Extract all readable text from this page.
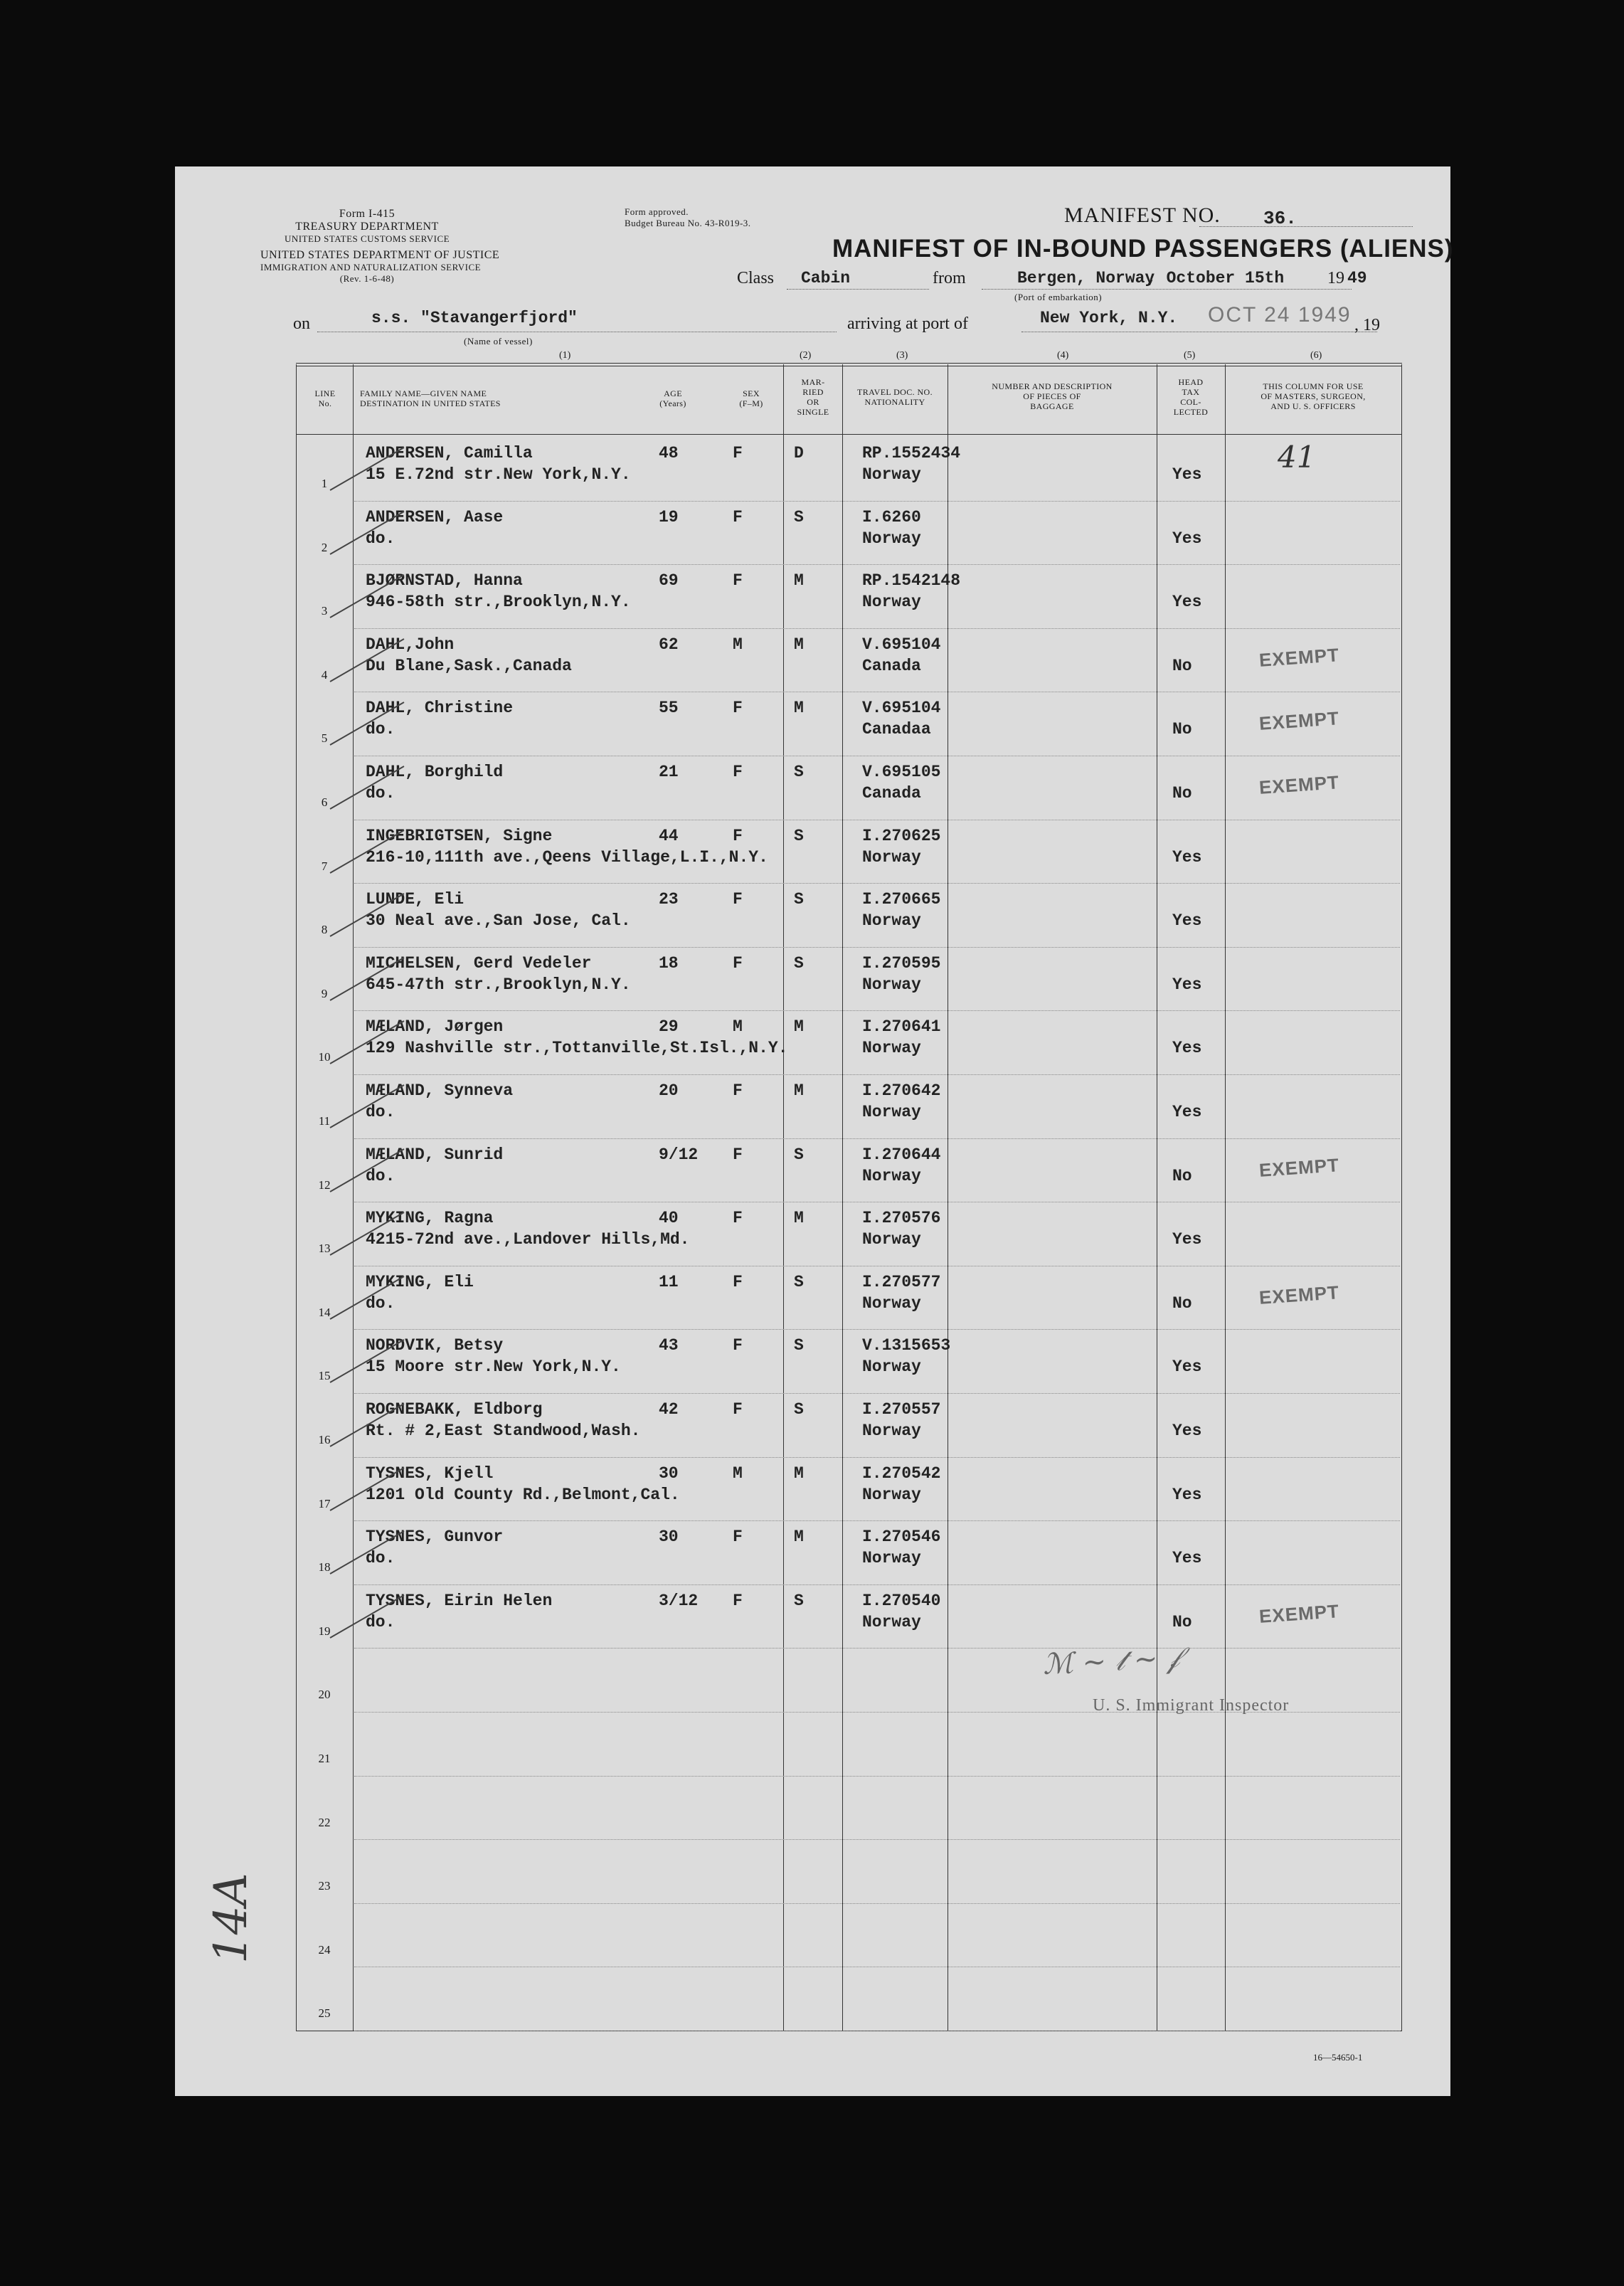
Form I-415
TREASURY DEPARTMENT
UNITED STATES CUSTOMS SERVICE
UNITED STATES DEPARTMENT OF JUSTICE
IMMIGRATION AND NATURALIZATION SERVICE
(Rev. 1-6-48)
Form approved.
Budget Bureau No. 43-R019-3.	MANIFEST NO. 36.
MANIFEST OF IN-BOUND PASSENGERS (ALIENS)
Class Cabin	from	Bergen, Norway
, October 15th	19 49
(Port of embarkation)
on	s.s. "Stavangerfjord"
(Name of vessel)
arriving at port of	New York, N.Y. OCT 24 1949 , 19
(1)	(2)	(3)	(4)	(5)	(6)
LINE
No.
FAMILY NAME—GIVEN NAME
DESTINATION IN UNITED STATES
AGE
(Years)
SEX
(F–M)
MAR-
RIED
OR
SINGLE
TRAVEL DOC. NO.
NATIONALITY
NUMBER AND DESCRIPTION
OF PIECES OF
BAGGAGE
HEAD
TAX
COL-
LECTED
THIS COLUMN FOR USE
OF MASTERS, SURGEON,
AND U. S. OFFICERS
1
ANDERSEN, Camilla
15 E.72nd str.New York,N.Y.
48	F	D	RP.1552434
Norway	Yes	41
2
ANDERSEN, Aase
do.
19	F	S	I.6260
Norway	Yes
3
BJØRNSTAD, Hanna
946-58th str.,Brooklyn,N.Y.
69	F	M	RP.1542148
Norway	Yes
4
DAHL,John
Du Blane,Sask.,Canada
62	M	M	V.695104
Canada	No	EXEMPT
5
DAHL, Christine
do.
55	F	M	V.695104
Canadaa	No	EXEMPT
6
DAHL, Borghild
do.
21	F	S	V.695105
Canada	No	EXEMPT
7
INGEBRIGTSEN, Signe
216-10,111th ave.,Qeens Village,L.I.,N.Y.
44	F	S	I.270625
Norway	Yes
8
LUNDE, Eli
30 Neal ave.,San Jose, Cal.
23	F	S	I.270665
Norway	Yes
9
MICHELSEN, Gerd Vedeler
645-47th str.,Brooklyn,N.Y.
18	F	S	I.270595
Norway	Yes
10
MÆLAND, Jørgen
129 Nashville str.,Tottanville,St.Isl.,N.Y.
29	M	M	I.270641
Norway	Yes
11
MÆLAND, Synneva
do.
20	F	M	I.270642
Norway	Yes
12
MÆLAND, Sunrid
do.
9/12 F	S	I.270644
Norway	No	EXEMPT
13
MYKING, Ragna
4215-72nd ave.,Landover Hills,Md.
40	F	M	I.270576
Norway	Yes
14
MYKING, Eli
do.
11	F	S	I.270577
Norway	No	EXEMPT
15
NORDVIK, Betsy
15 Moore str.New York,N.Y.
43	F	S	V.1315653
Norway	Yes
16
ROGNEBAKK, Eldborg
Rt. # 2,East Standwood,Wash.
42	F	S	I.270557
Norway	Yes
17
TYSNES, Kjell
1201 Old County Rd.,Belmont,Cal.
30	M	M	I.270542
Norway	Yes
18
TYSNES, Gunvor
do.
30	F	M	I.270546
Norway	Yes
19
TYSNES, Eirin Helen
do.
3/12 F	S	I.270540
Norway	No	EXEMPT
20
21
22
23
24
25
ℳ ~ 𝓉 ~ 𝒻
U. S. Immigrant Inspector
16—54650-1
14A
